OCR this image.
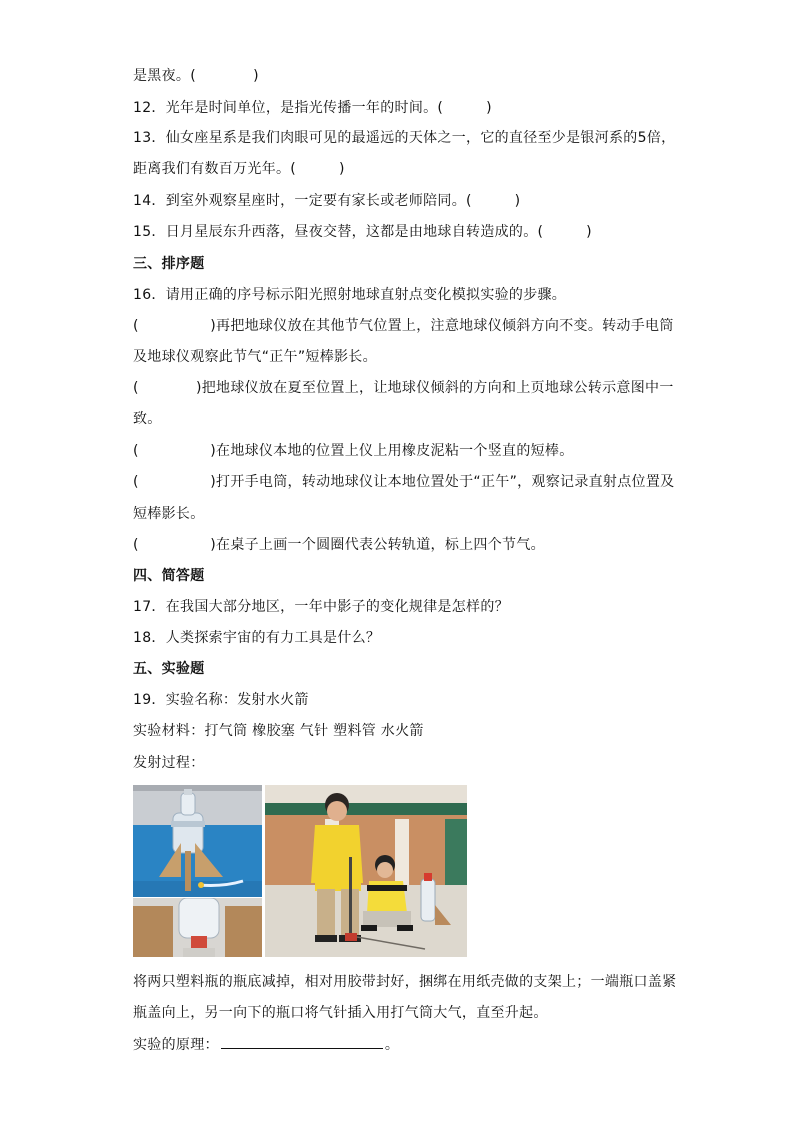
是黑夜。(　　　　)
12．光年是时间单位，是指光传播一年的时间。(　　　)
13．仙女座星系是我们肉眼可见的最遥远的天体之一，它的直径至少是银河系的5倍，
距离我们有数百万光年。(　　　)
14．到室外观察星座时，一定要有家长或老师陪同。(　　　)
15．日月星辰东升西落，昼夜交替，这都是由地球自转造成的。(　　　)
三、排序题
16．请用正确的序号标示阳光照射地球直射点变化模拟实验的步骤。
(　　　　　)再把地球仪放在其他节气位置上，注意地球仪倾斜方向不变。转动手电筒
及地球仪观察此节气“正午”短棒影长。
(　　　　)把地球仪放在夏至位置上，让地球仪倾斜的方向和上页地球公转示意图中一
致。
(　　　　　)在地球仪本地的位置上仪上用橡皮泥粘一个竖直的短棒。
(　　　　　)打开手电筒，转动地球仪让本地位置处于“正午”，观察记录直射点位置及
短棒影长。
(　　　　　)在桌子上画一个圆圈代表公转轨道，标上四个节气。
四、简答题
17．在我国大部分地区，一年中影子的变化规律是怎样的？
18．人类探索宇宙的有力工具是什么？
五、实验题
19．实验名称：发射水火箭
实验材料：打气筒 橡胶塞 气针 塑料管 水火箭
发射过程：
将两只塑料瓶的瓶底减掉，相对用胶带封好，捆绑在用纸壳做的支架上；一端瓶口盖紧
瓶盖向上，另一向下的瓶口将气针插入用打气筒大气，直至升起。
实验的原理：	。
